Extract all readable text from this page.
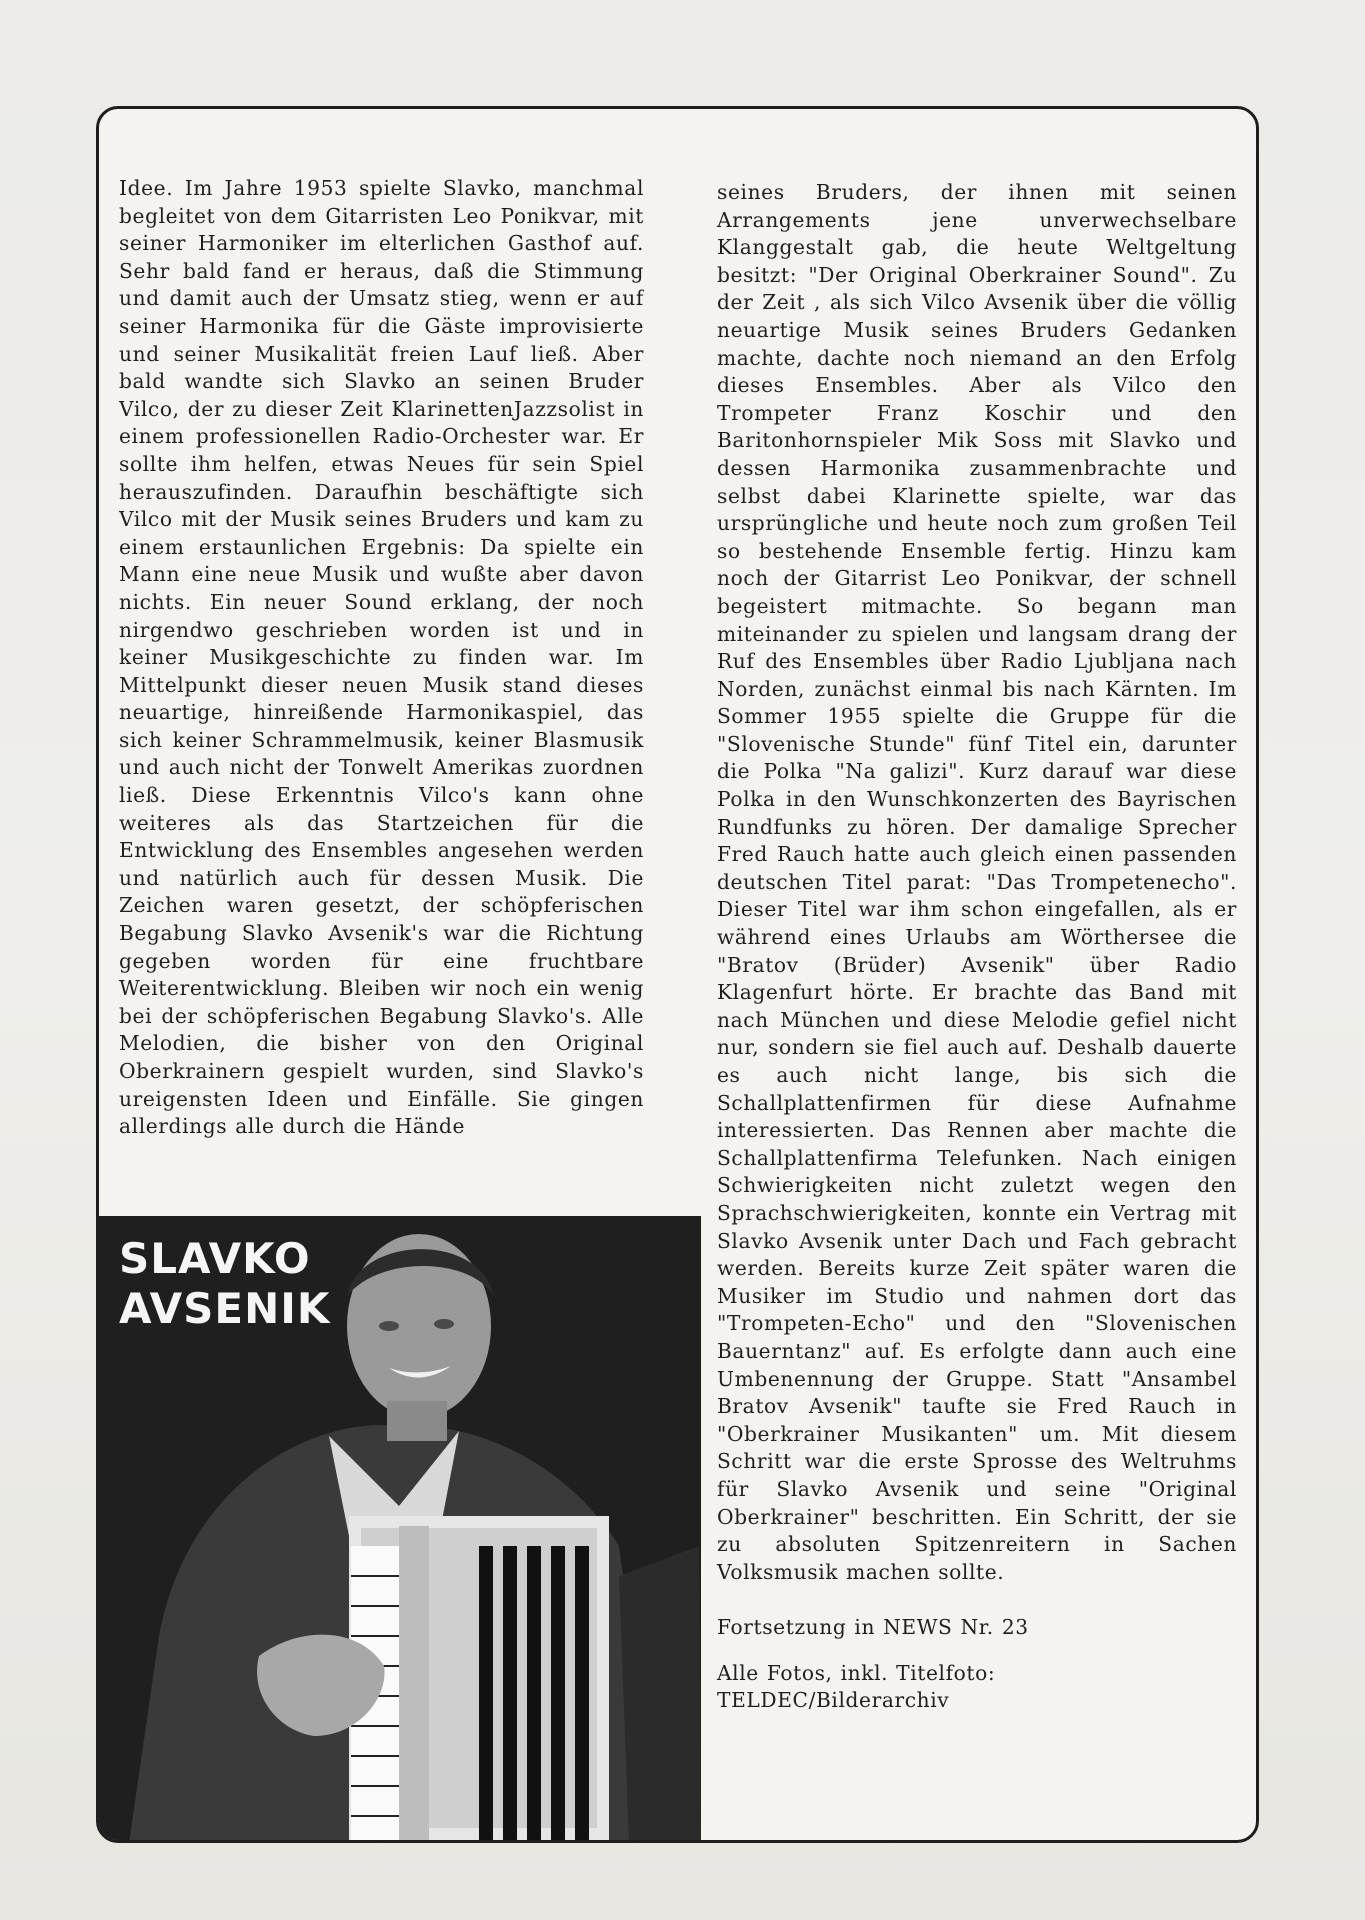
Idee. Im Jahre 1953 spielte Slavko, manchmal begleitet von dem Gitarristen Leo Ponikvar, mit seiner Harmoniker im elterlichen Gasthof auf. Sehr bald fand er heraus, daß die Stimmung und damit auch der Umsatz stieg, wenn er auf seiner Harmonika für die Gäste improvisierte und seiner Musikalität freien Lauf ließ. Aber bald wandte sich Slavko an seinen Bruder Vilco, der zu dieser Zeit KlarinettenJazzsolist in einem professionellen Radio-Orchester war. Er sollte ihm helfen, etwas Neues für sein Spiel herauszufinden. Daraufhin beschäftigte sich Vilco mit der Musik seines Bruders und kam zu einem erstaunlichen Ergebnis: Da spielte ein Mann eine neue Musik und wußte aber davon nichts. Ein neuer Sound erklang, der noch nirgendwo geschrieben worden ist und in keiner Musikgeschichte zu finden war. Im Mittelpunkt dieser neuen Musik stand dieses neuartige, hinreißende Harmonikaspiel, das sich keiner Schrammelmusik, keiner Blasmusik und auch nicht der Tonwelt Amerikas zuordnen ließ. Diese Erkenntnis Vilco's kann ohne weiteres als das Startzeichen für die Entwicklung des Ensembles angesehen werden und natürlich auch für dessen Musik. Die Zeichen waren gesetzt, der schöpferischen Begabung Slavko Avsenik's war die Richtung gegeben worden für eine fruchtbare Weiterentwicklung. Bleiben wir noch ein wenig bei der schöpferischen Begabung Slavko's. Alle Melodien, die bisher von den Original Oberkrainern gespielt wurden, sind Slavko's ureigensten Ideen und Einfälle. Sie gingen allerdings alle durch die Hände
seines Bruders, der ihnen mit seinen Arrangements jene unverwechselbare Klanggestalt gab, die heute Weltgeltung besitzt: "Der Original Oberkrainer Sound". Zu der Zeit , als sich Vilco Avsenik über die völlig neuartige Musik seines Bruders Gedanken machte, dachte noch niemand an den Erfolg dieses Ensembles. Aber als Vilco den Trompeter Franz Koschir und den Baritonhornspieler Mik Soss mit Slavko und dessen Harmonika zusammenbrachte und selbst dabei Klarinette spielte, war das ursprüngliche und heute noch zum großen Teil so bestehende Ensemble fertig. Hinzu kam noch der Gitarrist Leo Ponikvar, der schnell begeistert mitmachte. So begann man miteinander zu spielen und langsam drang der Ruf des Ensembles über Radio Ljubljana nach Norden, zunächst einmal bis nach Kärnten. Im Sommer 1955 spielte die Gruppe für die "Slovenische Stunde" fünf Titel ein, darunter die Polka "Na galizi". Kurz darauf war diese Polka in den Wunschkonzerten des Bayrischen Rundfunks zu hören. Der damalige Sprecher Fred Rauch hatte auch gleich einen passenden deutschen Titel parat: "Das Trompetenecho". Dieser Titel war ihm schon eingefallen, als er während eines Urlaubs am Wörthersee die "Bratov (Brüder) Avsenik" über Radio Klagenfurt hörte. Er brachte das Band mit nach München und diese Melodie gefiel nicht nur, sondern sie fiel auch auf. Deshalb dauerte es auch nicht lange, bis sich die Schallplattenfirmen für diese Aufnahme interessierten. Das Rennen aber machte die Schallplattenfirma Telefunken. Nach einigen Schwierigkeiten nicht zuletzt wegen den Sprachschwierigkeiten, konnte ein Vertrag mit Slavko Avsenik unter Dach und Fach gebracht werden. Bereits kurze Zeit später waren die Musiker im Studio und nahmen dort das "Trompeten-Echo" und den "Slovenischen Bauerntanz" auf. Es erfolgte dann auch eine Umbenennung der Gruppe. Statt "Ansambel Bratov Avsenik" taufte sie Fred Rauch in "Oberkrainer Musikanten" um. Mit diesem Schritt war die erste Sprosse des Weltruhms für Slavko Avsenik und seine "Original Oberkrainer" beschritten. Ein Schritt, der sie zu absoluten Spitzenreitern in Sachen Volksmusik machen sollte.
Fortsetzung in NEWS Nr. 23
Alle Fotos, inkl. Titelfoto:
TELDEC/Bilderarchiv
SLAVKO
AVSENIK
